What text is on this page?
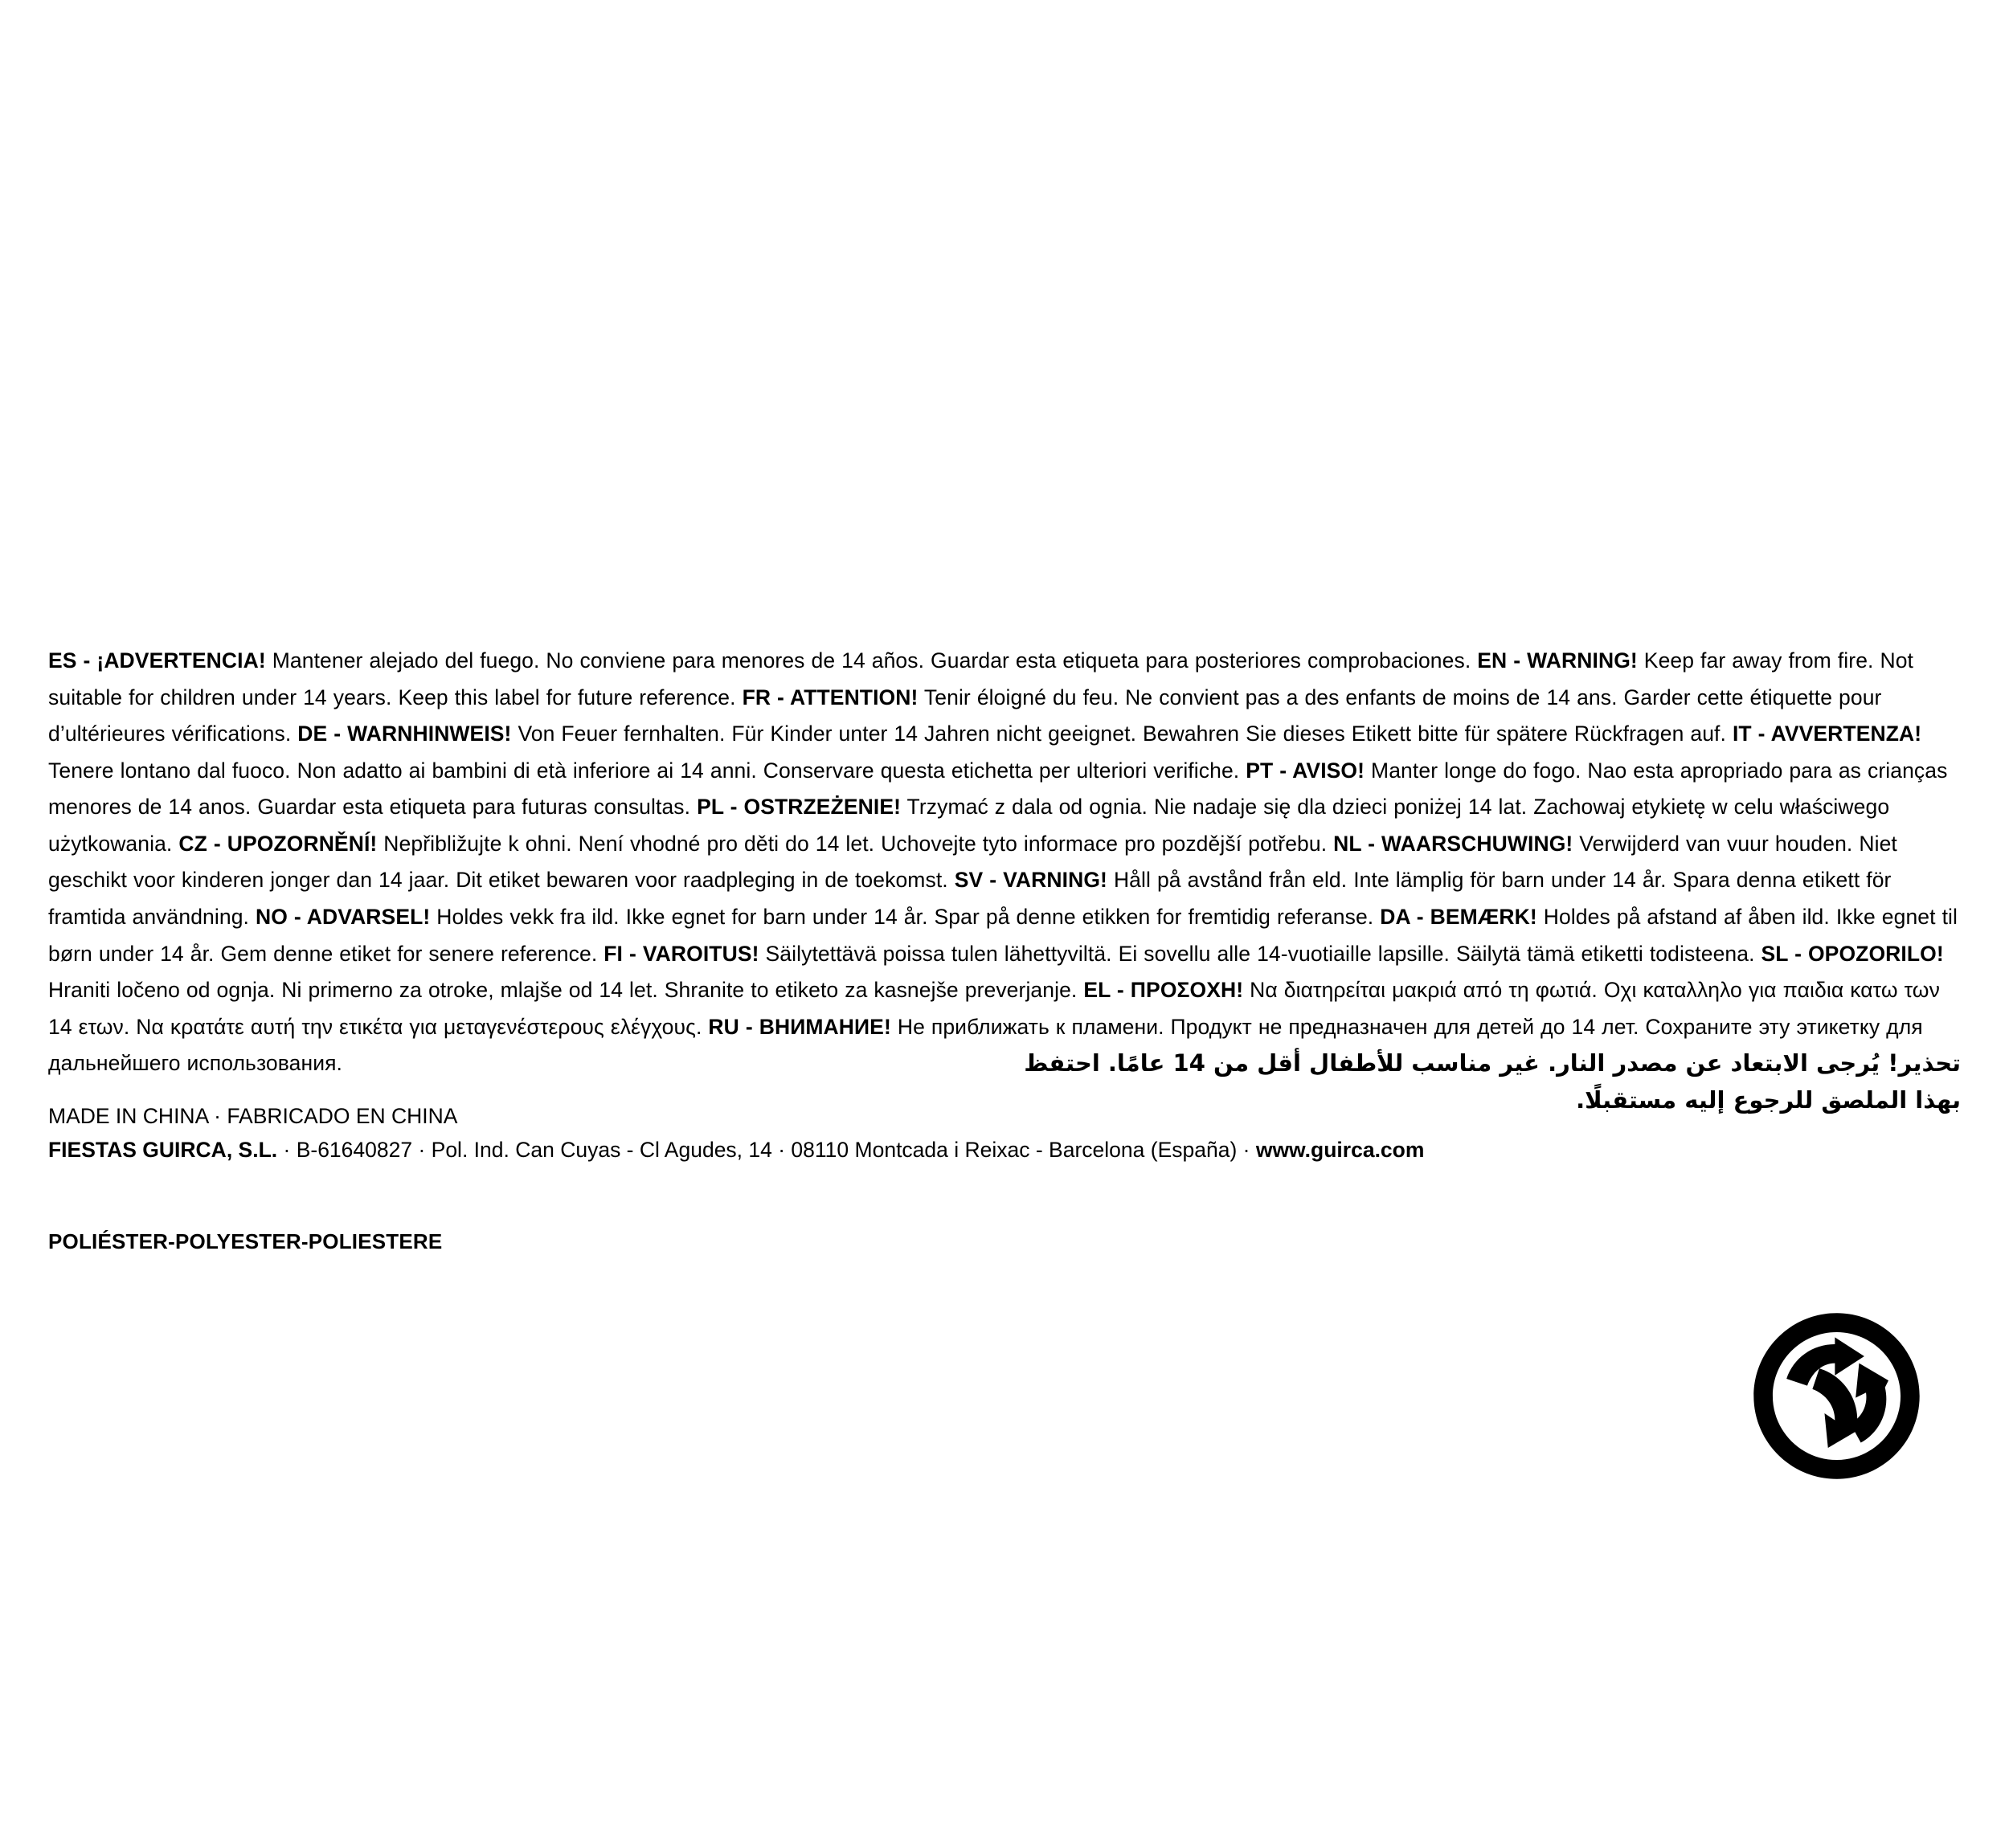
ES - ¡ADVERTENCIA! Mantener alejado del fuego. No conviene para menores de 14 años. Guardar esta etiqueta para posteriores comprobaciones. EN - WARNING! Keep far away from fire. Not suitable for children under 14 years. Keep this label for future reference. FR - ATTENTION! Tenir éloigné du feu. Ne convient pas a des enfants de moins de 14 ans. Garder cette étiquette pour d’ultérieures vérifications. DE - WARNHINWEIS! Von Feuer fernhalten. Für Kinder unter 14 Jahren nicht geeignet. Bewahren Sie dieses Etikett bitte für spätere Rückfragen auf. IT - AVVERTENZA! Tenere lontano dal fuoco. Non adatto ai bambini di età inferiore ai 14 anni. Conservare questa etichetta per ulteriori verifiche. PT - AVISO! Manter longe do fogo. Nao esta apropriado para as crianças menores de 14 anos. Guardar esta etiqueta para futuras consultas. PL - OSTRZEŻENIE! Trzymać z dala od ognia. Nie nadaje się dla dzieci poniżej 14 lat. Zachowaj etykietę w celu właściwego użytkowania. CZ - UPOZORNĚNÍ! Nepřibližujte k ohni. Není vhodné pro děti do 14 let. Uchovejte tyto informace pro pozdější potřebu. NL - WAARSCHUWING! Verwijderd van vuur houden. Niet geschikt voor kinderen jonger dan 14 jaar. Dit etiket bewaren voor raadpleging in de toekomst. SV - VARNING! Håll på avstånd från eld. Inte lämplig för barn under 14 år. Spara denna etikett för framtida användning. NO - ADVARSEL! Holdes vekk fra ild. Ikke egnet for barn under 14 år. Spar på denne etikken for fremtidig referanse. DA - BEMÆRK! Holdes på afstand af åben ild. Ikke egnet til børn under 14 år. Gem denne etiket for senere reference. FI - VAROITUS! Säilytettävä poissa tulen lähettyviltä. Ei sovellu alle 14-vuotiaille lapsille. Säilytä tämä etiketti todisteena. SL - OPOZORILO! Hraniti ločeno od ognja. Ni primerno za otroke, mlajše od 14 let. Shranite to etiketo za kasnejše preverjanje. EL - ΠΡΟΣΟΧΗ! Να διατηρείται μακριά από τη φωτιά. Οχι καταλληλο για παιδια κατω των 14 ετων. Να κρατάτε αυτή την ετικέτα για μεταγενέστερους ελέγχους. RU - ВНИМАНИЕ! Не приближать к пламени. Продукт не предназначен для детей до 14 лет. Сохраните эту этикетку для дальнейшего использования.	تحذير! يُرجى الابتعاد عن مصدر النار. غير مناسب للأطفال أقل من 14 عامًا. احتفظ بهذا الملصق للرجوع إليه مستقبلًا.
MADE IN CHINA · FABRICADO EN CHINA
FIESTAS GUIRCA, S.L. · B-61640827 · Pol. Ind. Can Cuyas - Cl Agudes, 14 · 08110 Montcada i Reixac - Barcelona (España) · www.guirca.com
POLIÉSTER-POLYESTER-POLIESTERE
